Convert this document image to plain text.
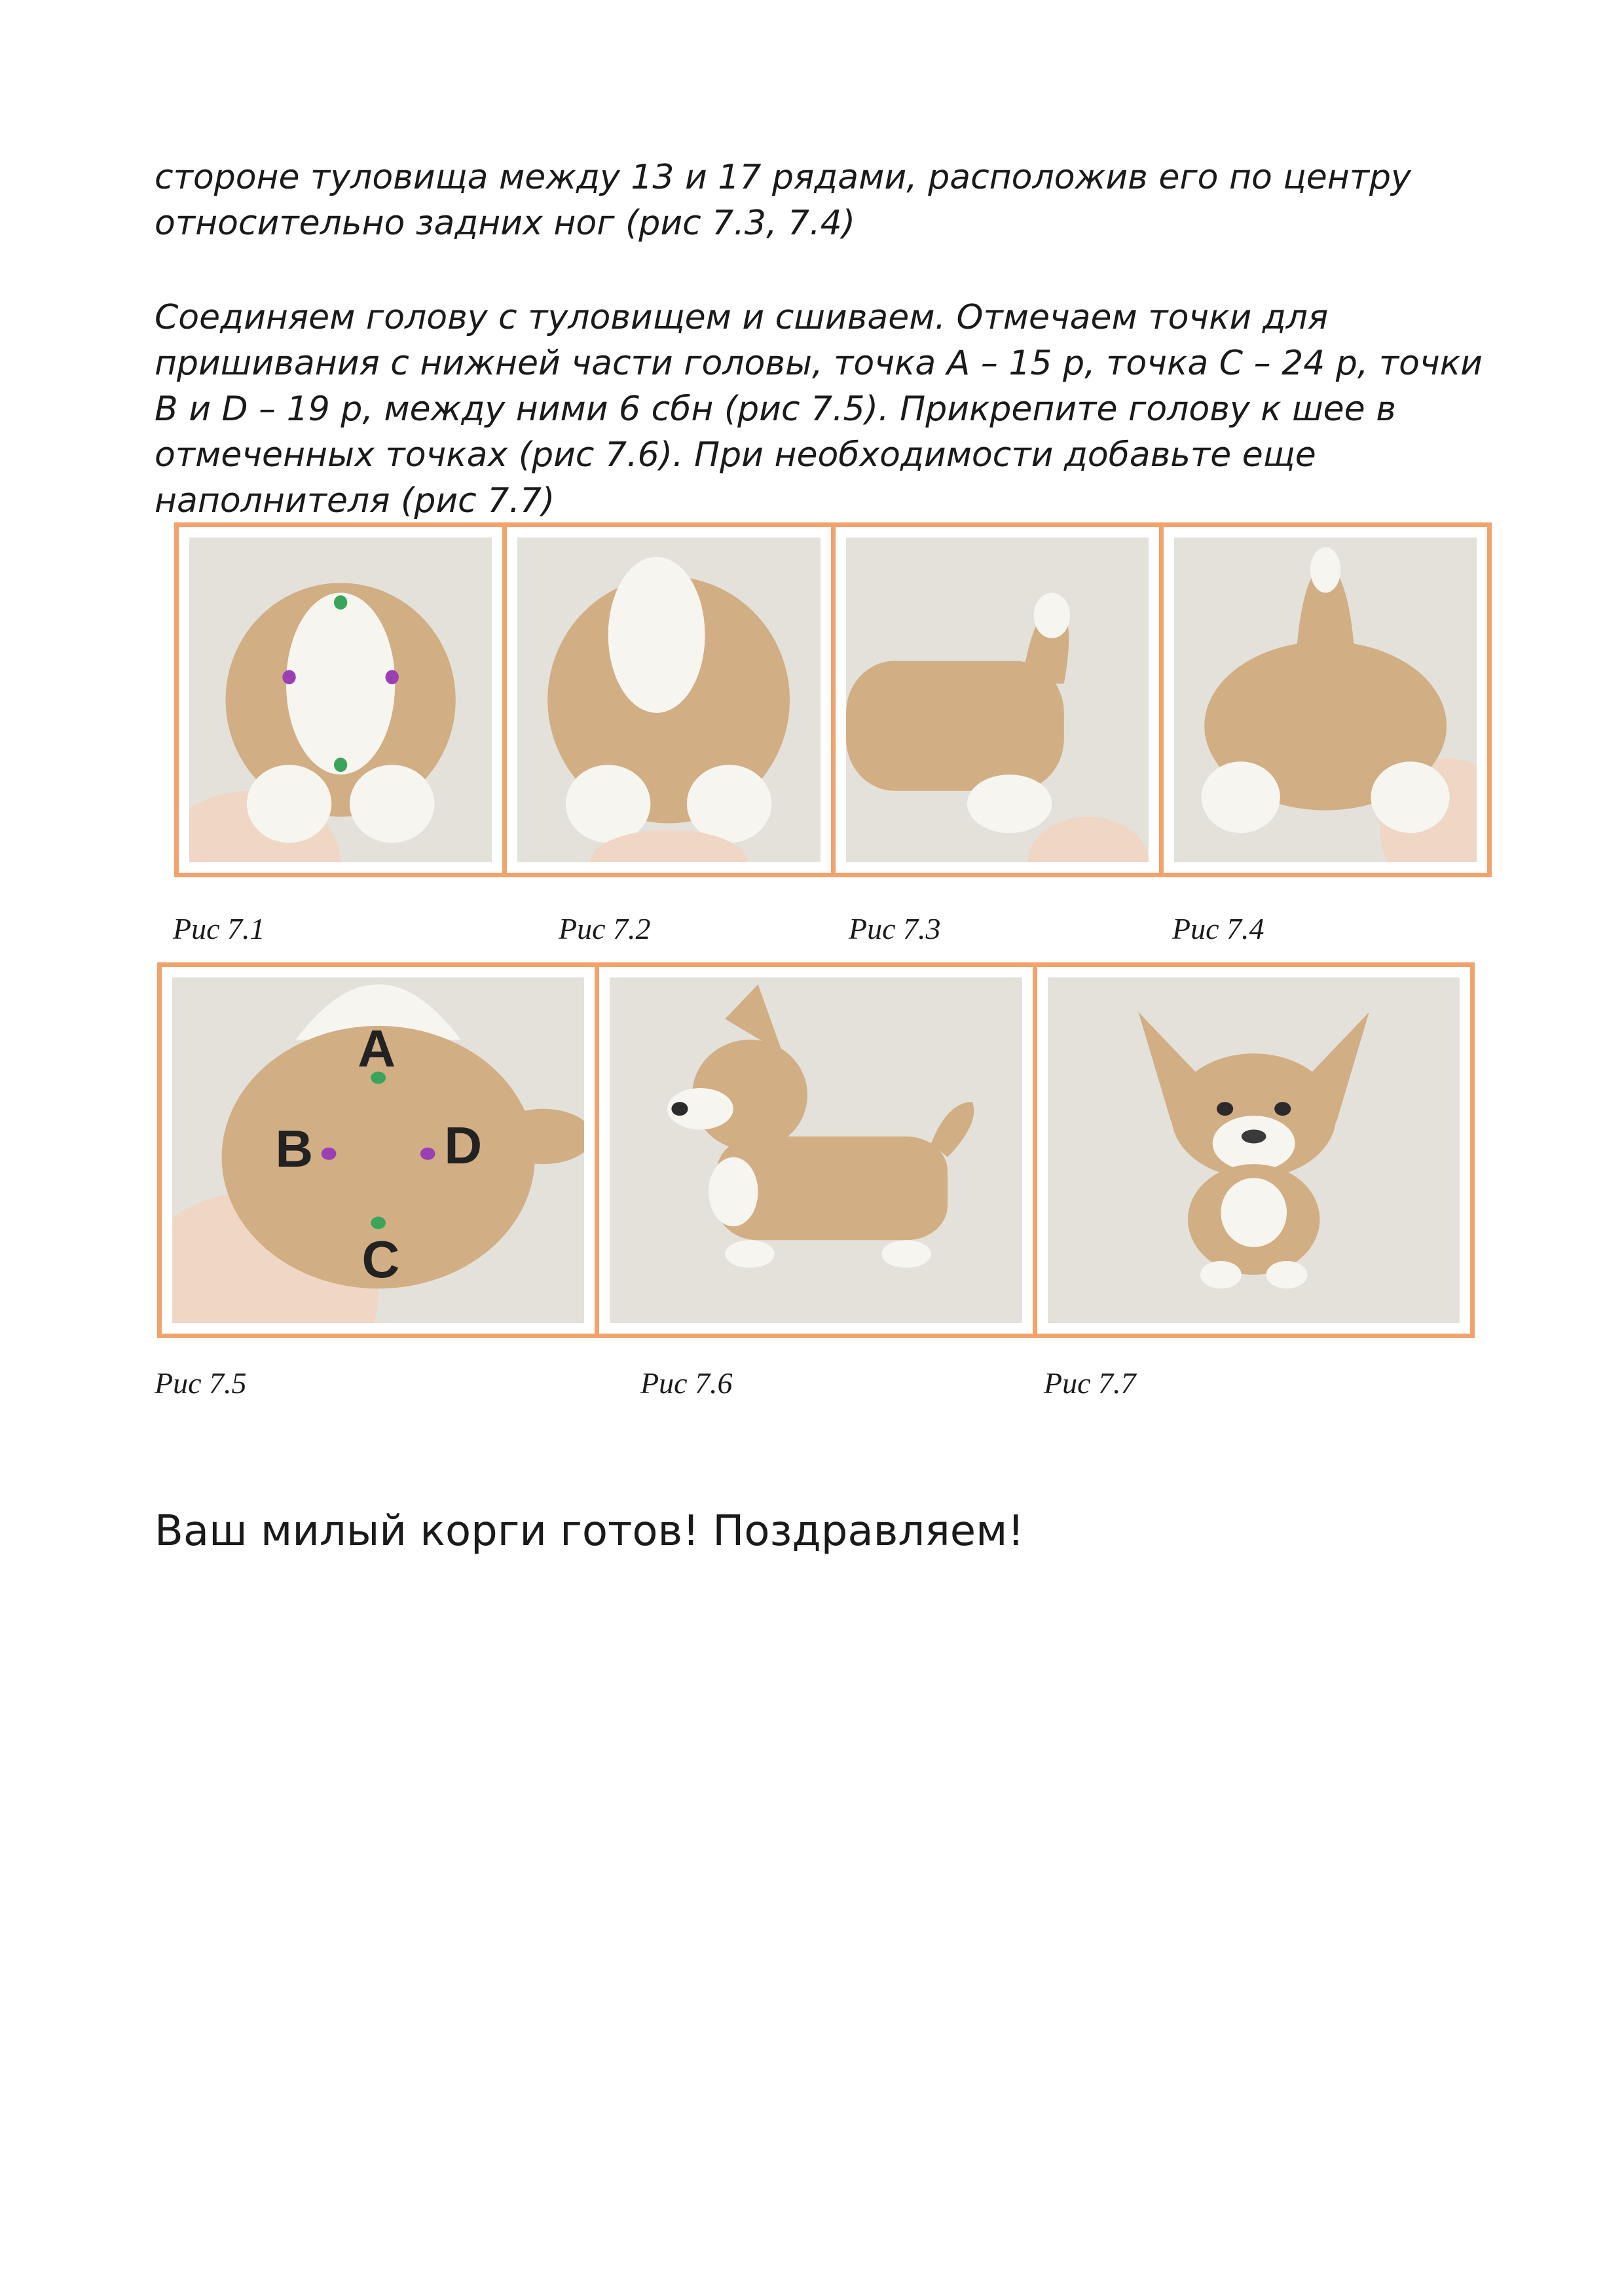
стороне туловища между 13 и 17 рядами, расположив его по центру относительно задних ног (рис 7.3, 7.4)

Соединяем голову с туловищем и сшиваем. Отмечаем точки для пришивания с нижней части головы, точка А – 15 р, точка С – 24 р, точки В и D – 19 р, между ними 6 сбн (рис 7.5). Прикрепите голову к шее в отмеченных точках (рис 7.6). При необходимости добавьте еще наполнителя (рис 7.7)

Рис 7.1	Рис 7.2	Рис 7.3	Рис 7.4
A
B	D
C
Рис 7.5	Рис 7.6	Рис 7.7
Ваш милый корги готов! Поздравляем!
